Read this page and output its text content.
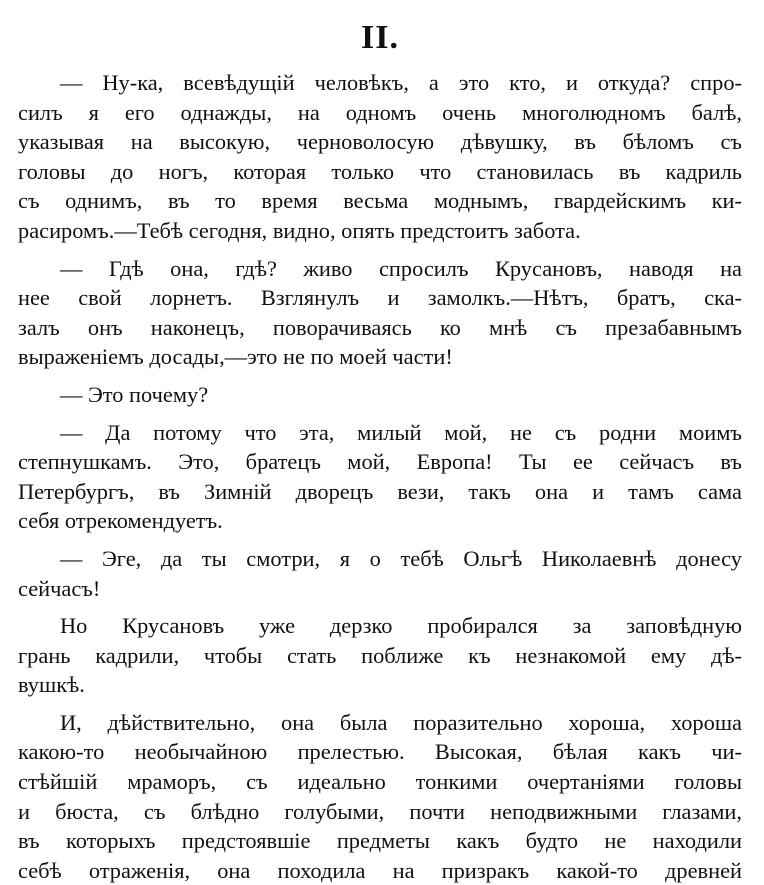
II.
— Ну-ка, всевѣдущій человѣкъ, а это кто, и откуда? спро-
силъ я его однажды, на одномъ очень многолюдномъ балѣ,
указывая на высокую, черноволосую дѣвушку, въ бѣломъ съ
головы до ногъ, которая только что становилась въ кадриль
съ однимъ, въ то время весьма моднымъ, гвардейскимъ ки-
расиромъ.—Тебѣ сегодня, видно, опять предстоитъ забота.
— Гдѣ она, гдѣ? живо спросилъ Крусановъ, наводя на
нее свой лорнетъ. Взглянулъ и замолкъ.—Нѣтъ, братъ, ска-
залъ онъ наконецъ, поворачиваясь ко мнѣ съ презабавнымъ
выраженіемъ досады,—это не по моей части!
— Это почему?
— Да потому что эта, милый мой, не съ родни моимъ
степнушкамъ. Это, братецъ мой, Европа! Ты ее сейчасъ въ
Петербургъ, въ Зимній дворецъ вези, такъ она и тамъ сама
себя отрекомендуетъ.
— Эге, да ты смотри, я о тебѣ Ольгѣ Николаевнѣ донесу
сейчасъ!
Но Крусановъ уже дерзко пробирался за заповѣдную
грань кадрили, чтобы стать поближе къ незнакомой ему дѣ-
вушкѣ.
И, дѣйствительно, она была поразительно хороша, хороша
какою-то необычайною прелестью. Высокая, бѣлая какъ чи-
стѣйшій мраморъ, съ идеально тонкими очертаніями головы
и бюста, съ блѣдно голубыми, почти неподвижными глазами,
въ которыхъ предстоявшіе предметы какъ будто не находили
себѣ отраженія, она походила на призракъ какой-то древней
